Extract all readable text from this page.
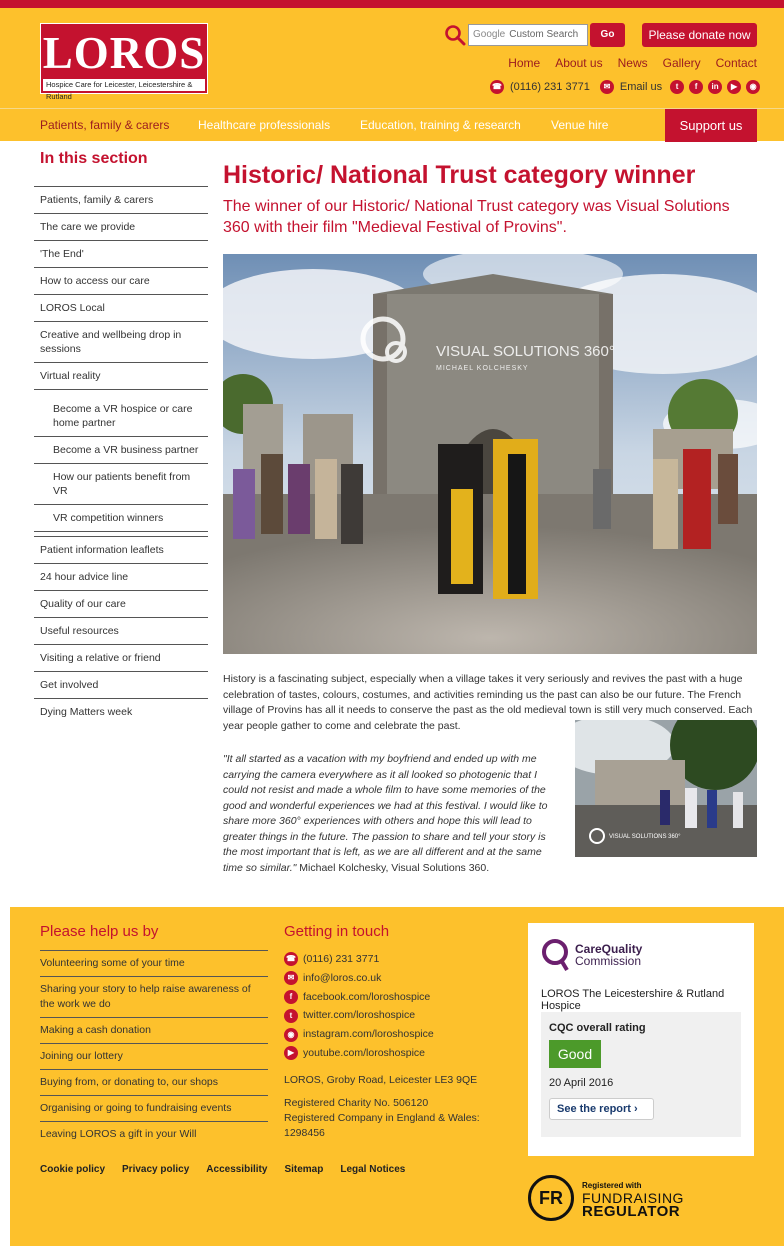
LOROS
Hospice Care for Leicester, Leicestershire & Rutland
Google Custom Search	Go	Please donate now
Home About us News Gallery Contact
☎ (0116) 231 3771	✉ Email us	t	f	in	▶	◉
Patients, family & carers Healthcare professionals Education, training & research	Venue hire	Support us
In this section
Patients, family & carers
The care we provide
'The End'
How to access our care
LOROS Local
Creative and wellbeing drop in sessions
Virtual reality
Become a VR hospice or care home partner
Become a VR business partner
How our patients benefit from VR
VR competition winners
Patient information leaflets
24 hour advice line
Quality of our care
Useful resources
Visiting a relative or friend
Get involved
Dying Matters week
Historic/ National Trust category winner

The winner of our Historic/ National Trust category was Visual Solutions 360 with their film "Medieval Festival of Provins".

VISUAL SOLUTIONS 360°
MICHAEL KOLCHESKY

History is a fascinating subject, especially when a village takes it very seriously and revives the past with a huge celebration of tastes, colours, costumes, and activities reminding us the past can also be our future. The French village of Provins has all it needs to conserve the past as the old medieval town is still very much conserved. Each year people gather to come and celebrate the past.

VISUAL SOLUTIONS 360°

"It all started as a vacation with my boyfriend and ended up with me carrying the camera everywhere as it all looked so photogenic that I could not resist and made a whole film to have some memories of the good and wonderful experiences we had at this festival. I would like to share more 360° experiences with others and hope this will lead to greater things in the future. The passion to share and tell your story is the most important that is left, as we are all different and at the same time so similar." Michael Kolchesky, Visual Solutions 360.

Please help us by
Volunteering some of your time
Sharing your story to help raise awareness of the work we do
Making a cash donation
Joining our lottery
Buying from, or donating to, our shops
Organising or going to fundraising events
Leaving LOROS a gift in your Will
Getting in touch
☎ (0116) 231 3771
✉ info@loros.co.uk
f	facebook.com/loroshospice
t	twitter.com/loroshospice
◉ instagram.com/loroshospice
▶ youtube.com/loroshospice
LOROS, Groby Road, Leicester LE3 9QE
Registered Charity No. 506120
Registered Company in England & Wales: 1298456
CareQuality
Commission
LOROS The Leicestershire & Rutland Hospice
CQC overall rating
Good
20 April 2016
See the report ›
FR
Registered with
FUNDRAISING
REGULATOR
Cookie policy Privacy policy Accessibility Sitemap Legal Notices
